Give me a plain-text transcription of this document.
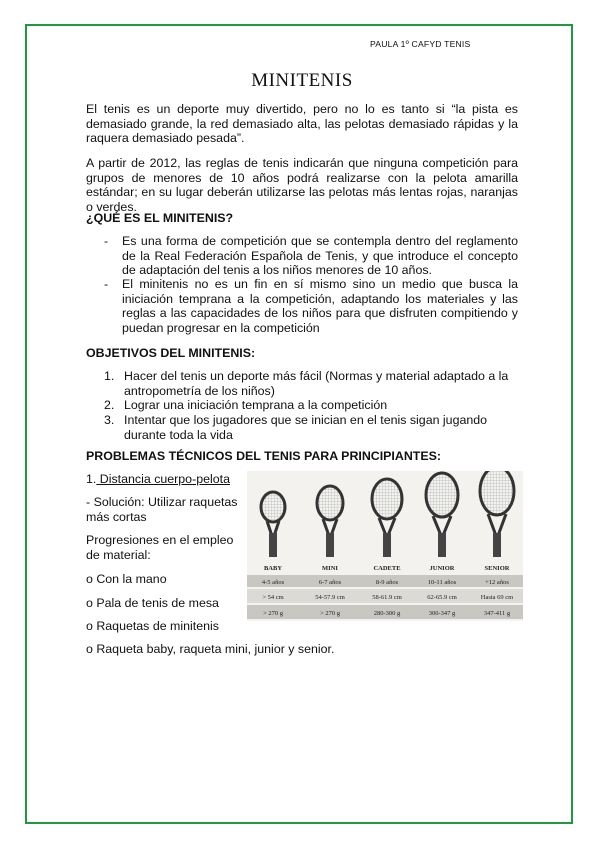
PAULA 1º CAFYD TENIS
MINITENIS
El tenis es un deporte muy divertido, pero no lo es tanto si “la pista es demasiado grande, la red demasiado alta, las pelotas demasiado rápidas y la raquera demasiado pesada”.
A partir de 2012, las reglas de tenis indicarán que ninguna competición para grupos de menores de 10 años podrá realizarse con la pelota amarilla estándar; en su lugar deberán utilizarse las pelotas más lentas rojas, naranjas o verdes.
¿QUÉ ES EL MINITENIS?
- Es una forma de competición que se contempla dentro del reglamento de la Real Federación Española de Tenis, y que introduce el concepto de adaptación del tenis a los niños menores de 10 años.
- El minitenis no es un fin en sí mismo sino un medio que busca la iniciación temprana a la competición, adaptando los materiales y las reglas a las capacidades de los niños para que disfruten compitiendo y puedan progresar en la competición
OBJETIVOS DEL MINITENIS:
1. Hacer del tenis un deporte más fácil (Normas y material adaptado a la antropometría de los niños)
2. Lograr una iniciación temprana a la competición
3. Intentar que los jugadores que se inician en el tenis sigan jugando durante toda la vida
PROBLEMAS TÉCNICOS DEL TENIS PARA PRINCIPIANTES:
1. Distancia cuerpo-pelota
- Solución: Utilizar raquetas más cortas
Progresiones en el empleo de material:
o Con la mano
o Pala de tenis de mesa
o Raquetas de minitenis
o Raqueta baby, raqueta mini, junior y senior.
BABY	MINI	CADETE	JUNIOR	SENIOR
4-5 años	6-7 años	8-9 años	10-11 años	+12 años
> 54 cm	54-57.9 cm	58-61.9 cm	62-65.9 cm	Hasta 69 cm
> 270 g	> 270 g	280-300 g	300-347 g	347-411 g
